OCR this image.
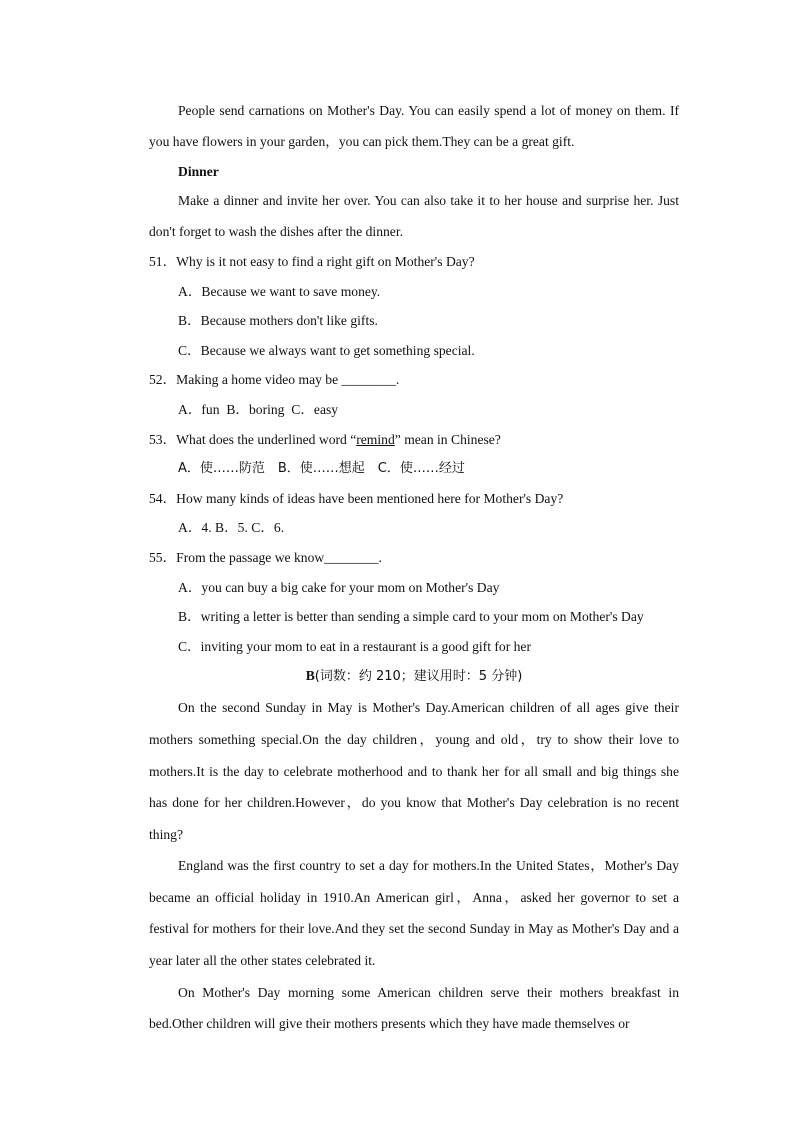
People send carnations on Mother's Day. You can easily spend a lot of money on them. If you have flowers in your garden，you can pick them.They can be a great gift.

Dinner

Make a dinner and invite her over. You can also take it to her house and surprise her. Just don't forget to wash the dishes after the dinner.

51．Why is it not easy to find a right gift on Mother's Day?

A．Because we want to save money.

B．Because mothers don't like gifts.

C．Because we always want to get something special.

52．Making a home video may be ________.

A．fun  B．boring  C．easy

53．What does the underlined word “remind” mean in Chinese?

A．使……防范　B．使……想起　C．使……经过

54．How many kinds of ideas have been mentioned here for Mother's Day?

A．4. B．5. C．6.

55．From the passage we know________.

A．you can buy a big cake for your mom on Mother's Day

B．writing a letter is better than sending a simple card to your mom on Mother's Day

C．inviting your mom to eat in a restaurant is a good gift for her

B(词数：约 210；建议用时：5 分钟)

On the second Sunday in May is Mother's Day.American children of all ages give their mothers something special.On the day children，young and old，try to show their love to mothers.It is the day to celebrate motherhood and to thank her for all small and big things she has done for her children.However，do you know that Mother's Day celebration is no recent thing?

England was the first country to set a day for mothers.In the United States，Mother's Day became an official holiday in 1910.An American girl，Anna，asked her governor to set a festival for mothers for their love.And they set the second Sunday in May as Mother's Day and a year later all the other states celebrated it.

On Mother's Day morning some American children serve their mothers breakfast in bed.Other children will give their mothers presents which they have made themselves or
